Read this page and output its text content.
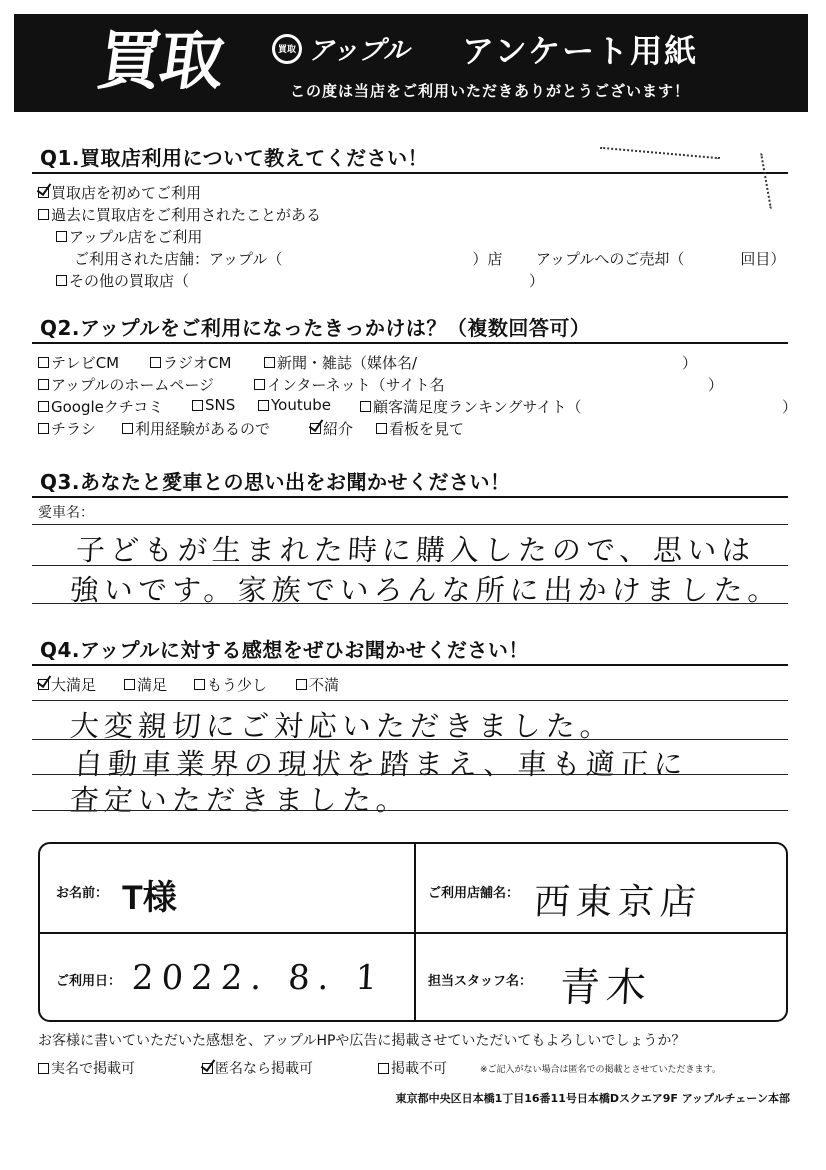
買取	買取 アップル アンケート用紙
この度は当店をご利用いただきありがとうございます！
Q1.買取店利用について教えてください！
買取店を初めてご利用
過去に買取店をご利用されたことがある
アップル店をご利用
ご利用された店舗：アップル（	）店 アップルへのご売却（	回目）
その他の買取店（	）
Q2.アップルをご利用になったきっかけは？（複数回答可）
テレビCM	ラジオCM	新聞・雑誌（媒体名/	）
アップルのホームページ	インターネット（サイト名	）
Googleクチコミ	SNS Youtube	顧客満足度ランキングサイト（	）
チラシ	利用経験があるので	紹介 看板を見て
Q3.あなたと愛車との思い出をお聞かせください！
愛車名：
子どもが生まれた時に購入したので、思いは
強いです。家族でいろんな所に出かけました。
Q4.アップルに対する感想をぜひお聞かせください！
大満足	満足	もう少し	不満
大変親切にご対応いただきました。
自動車業界の現状を踏まえ、車も適正に
査定いただきました。
お名前： T様	ご利用店舗名： 西東京店
ご利用日： 2022. 8. 1	担当スタッフ名： 青木
お客様に書いていただいた感想を、アップルHPや広告に掲載させていただいてもよろしいでしょうか？
実名で掲載可	匿名なら掲載可	掲載不可	※ご記入がない場合は匿名での掲載とさせていただきます。
東京都中央区日本橋1丁目16番11号日本橋Dスクエア9F アップルチェーン本部
